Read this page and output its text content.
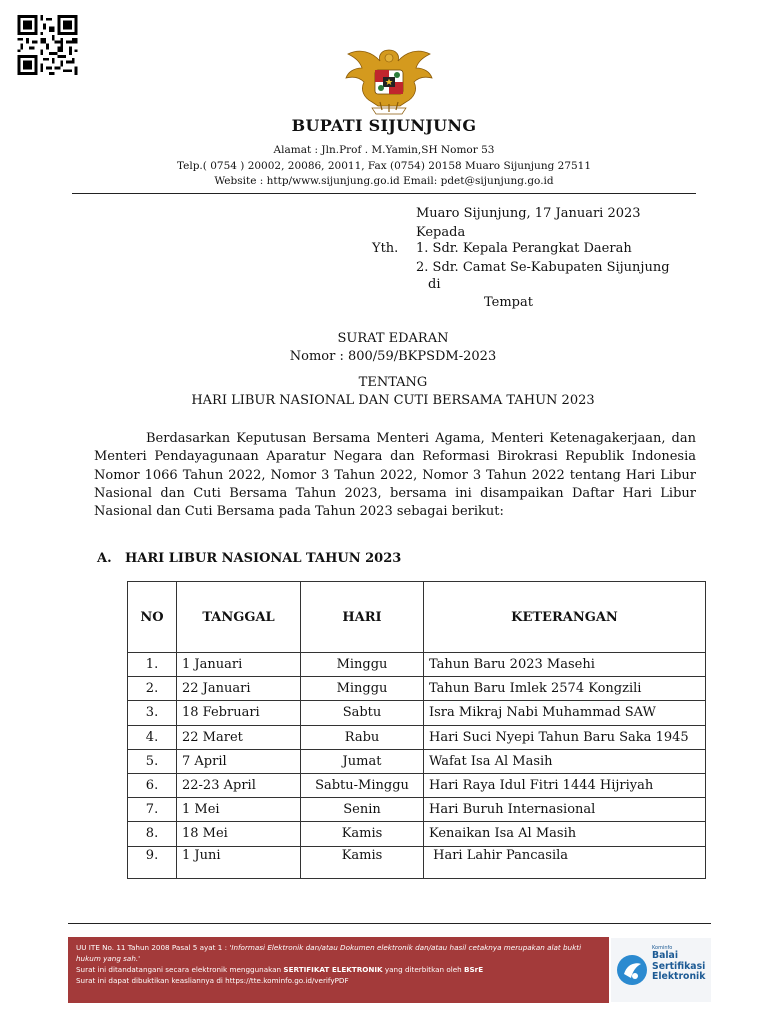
BUPATI SIJUNJUNG
Alamat : Jln.Prof . M.Yamin,SH Nomor 53
Telp.( 0754 ) 20002, 20086, 20011, Fax (0754) 20158 Muaro Sijunjung 27511
Website : http/www.sijunjung.go.id Email: pdet@sijunjung.go.id
Muaro Sijunjung, 17 Januari 2023
Kepada
Yth. 1. Sdr. Kepala Perangkat Daerah
2. Sdr. Camat Se-Kabupaten Sijunjung
di
Tempat
SURAT EDARAN
Nomor : 800/59/BKPSDM-2023
TENTANG
HARI LIBUR NASIONAL DAN CUTI BERSAMA TAHUN 2023
Berdasarkan Keputusan Bersama Menteri Agama, Menteri Ketenagakerjaan, dan Menteri Pendayagunaan Aparatur Negara dan Reformasi Birokrasi Republik Indonesia Nomor 1066 Tahun 2022, Nomor 3 Tahun 2022, Nomor 3 Tahun 2022 tentang Hari Libur Nasional dan Cuti Bersama Tahun 2023, bersama ini disampaikan Daftar Hari Libur Nasional dan Cuti Bersama pada Tahun 2023 sebagai berikut:
A. HARI LIBUR NASIONAL TAHUN 2023
NO	TANGGAL	HARI	KETERANGAN
1.	1 Januari	Minggu	Tahun Baru 2023 Masehi
2.	22 Januari	Minggu	Tahun Baru Imlek 2574 Kongzili
3.	18 Februari	Sabtu	Isra Mikraj Nabi Muhammad SAW
4.	22 Maret	Rabu	Hari Suci Nyepi Tahun Baru Saka 1945
5.	7 April	Jumat	Wafat Isa Al Masih
6.	22-23 April	Sabtu-Minggu	Hari Raya Idul Fitri 1444 Hijriyah
7.	1 Mei	Senin	Hari Buruh Internasional
8.	18 Mei	Kamis	Kenaikan Isa Al Masih
9.	1 Juni	Kamis	Hari Lahir Pancasila
UU ITE No. 11 Tahun 2008 Pasal 5 ayat 1 : 'Informasi Elektronik dan/atau Dokumen elektronik dan/atau hasil cetaknya merupakan alat bukti hukum yang sah.'
Surat ini ditandatangani secara elektronik menggunakan SERTIFIKAT ELEKTRONIK yang diterbitkan oleh BSrE
Surat ini dapat dibuktikan keasliannya di https://tte.kominfo.go.id/verifyPDF
Kominfo
Balai
Sertifikasi
Elektronik
